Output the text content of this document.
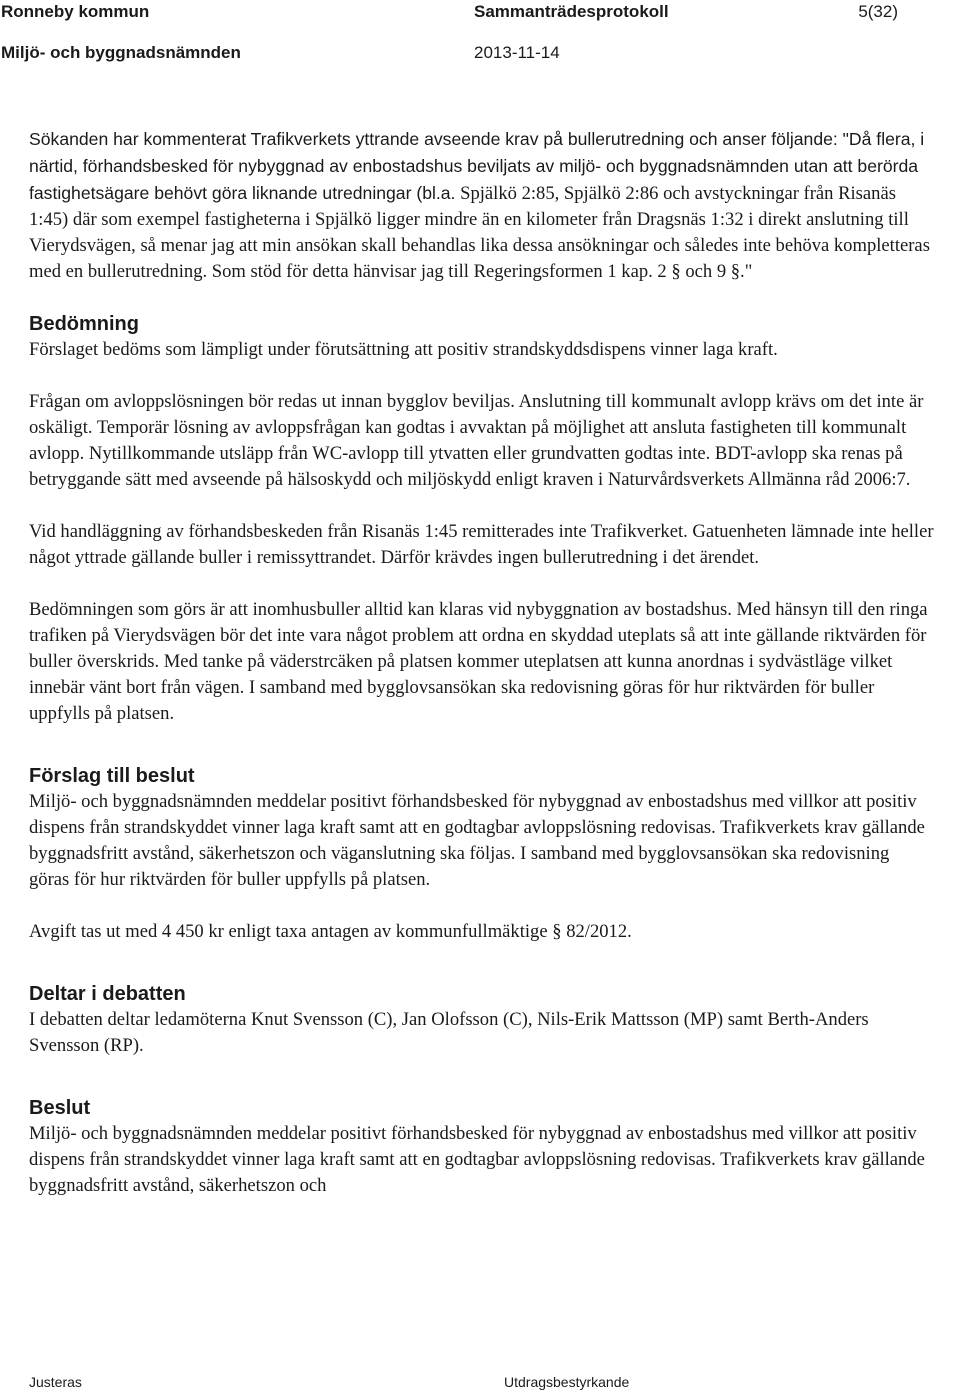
Ronneby kommun	Sammanträdesprotokoll	5(32)
Miljö- och byggnadsnämnden	2013-11-14

Sökanden har kommenterat Trafikverkets yttrande avseende krav på bullerutredning och anser följande: "Då flera, i närtid, förhandsbesked för nybyggnad av enbostadshus beviljats av miljö- och byggnadsnämnden utan att berörda fastighetsägare behövt göra liknande utredningar (bl.a. Spjälkö 2:85, Spjälkö 2:86 och avstyckningar från Risanäs 1:45) där som exempel fastigheterna i Spjälkö ligger mindre än en kilometer från Dragsnäs 1:32 i direkt anslutning till Vierydsvägen, så menar jag att min ansökan skall behandlas lika dessa ansökningar och således inte behöva kompletteras med en bullerutredning. Som stöd för detta hänvisar jag till Regeringsformen 1 kap. 2 § och 9 §."

Bedömning

Förslaget bedöms som lämpligt under förutsättning att positiv strandskyddsdispens vinner laga kraft.

Frågan om avloppslösningen bör redas ut innan bygglov beviljas. Anslutning till kommunalt avlopp krävs om det inte är oskäligt. Temporär lösning av avloppsfrågan kan godtas i avvaktan på möjlighet att ansluta fastigheten till kommunalt avlopp. Nytillkommande utsläpp från WC-avlopp till ytvatten eller grundvatten godtas inte. BDT-avlopp ska renas på betryggande sätt med avseende på hälsoskydd och miljöskydd enligt kraven i Naturvårdsverkets Allmänna råd 2006:7.

Vid handläggning av förhandsbeskeden från Risanäs 1:45 remitterades inte Trafikverket. Gatuenheten lämnade inte heller något yttrade gällande buller i remissyttrandet. Därför krävdes ingen bullerutredning i det ärendet.

Bedömningen som görs är att inomhusbuller alltid kan klaras vid nybyggnation av bostadshus. Med hänsyn till den ringa trafiken på Vierydsvägen bör det inte vara något problem att ordna en skyddad uteplats så att inte gällande riktvärden för buller överskrids. Med tanke på väderstrcäken på platsen kommer uteplatsen att kunna anordnas i sydvästläge vilket innebär vänt bort från vägen. I samband med bygglovsansökan ska redovisning göras för hur riktvärden för buller uppfylls på platsen.

Förslag till beslut

Miljö- och byggnadsnämnden meddelar positivt förhandsbesked för nybyggnad av enbostadshus med villkor att positiv dispens från strandskyddet vinner laga kraft samt att en godtagbar avloppslösning redovisas. Trafikverkets krav gällande byggnadsfritt avstånd, säkerhetszon och väganslutning ska följas. I samband med bygglovsansökan ska redovisning göras för hur riktvärden för buller uppfylls på platsen.

Avgift tas ut med 4 450 kr enligt taxa antagen av kommunfullmäktige § 82/2012.

Deltar i debatten

I debatten deltar ledamöterna Knut Svensson (C), Jan Olofsson (C), Nils-Erik Mattsson (MP) samt Berth-Anders Svensson (RP).

Beslut

Miljö- och byggnadsnämnden meddelar positivt förhandsbesked för nybyggnad av enbostadshus med villkor att positiv dispens från strandskyddet vinner laga kraft samt att en godtagbar avloppslösning redovisas. Trafikverkets krav gällande byggnadsfritt avstånd, säkerhetszon och

Justeras	Utdragsbestyrkande
